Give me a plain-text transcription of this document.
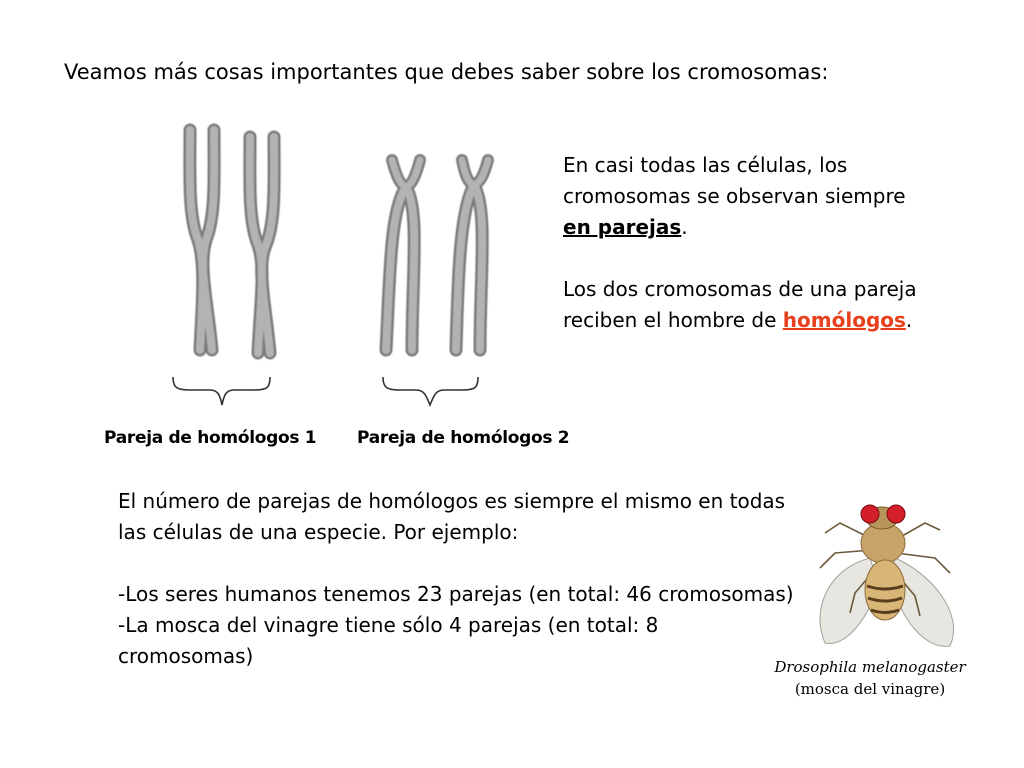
Veamos más cosas importantes que debes saber sobre los cromosomas:
En casi todas las células, los cromosomas se observan siempre en parejas.
Los dos cromosomas de una pareja reciben el hombre de homólogos.
Pareja de homólogos 1 Pareja de homólogos 2

El número de parejas de homólogos es siempre el mismo en todas las células de una especie. Por ejemplo:

-Los seres humanos tenemos 23 parejas (en total: 46 cromosomas)

-La mosca del vinagre tiene sólo 4 parejas (en total: 8 cromosomas)	Drosophila melanogaster
(mosca del vinagre)
